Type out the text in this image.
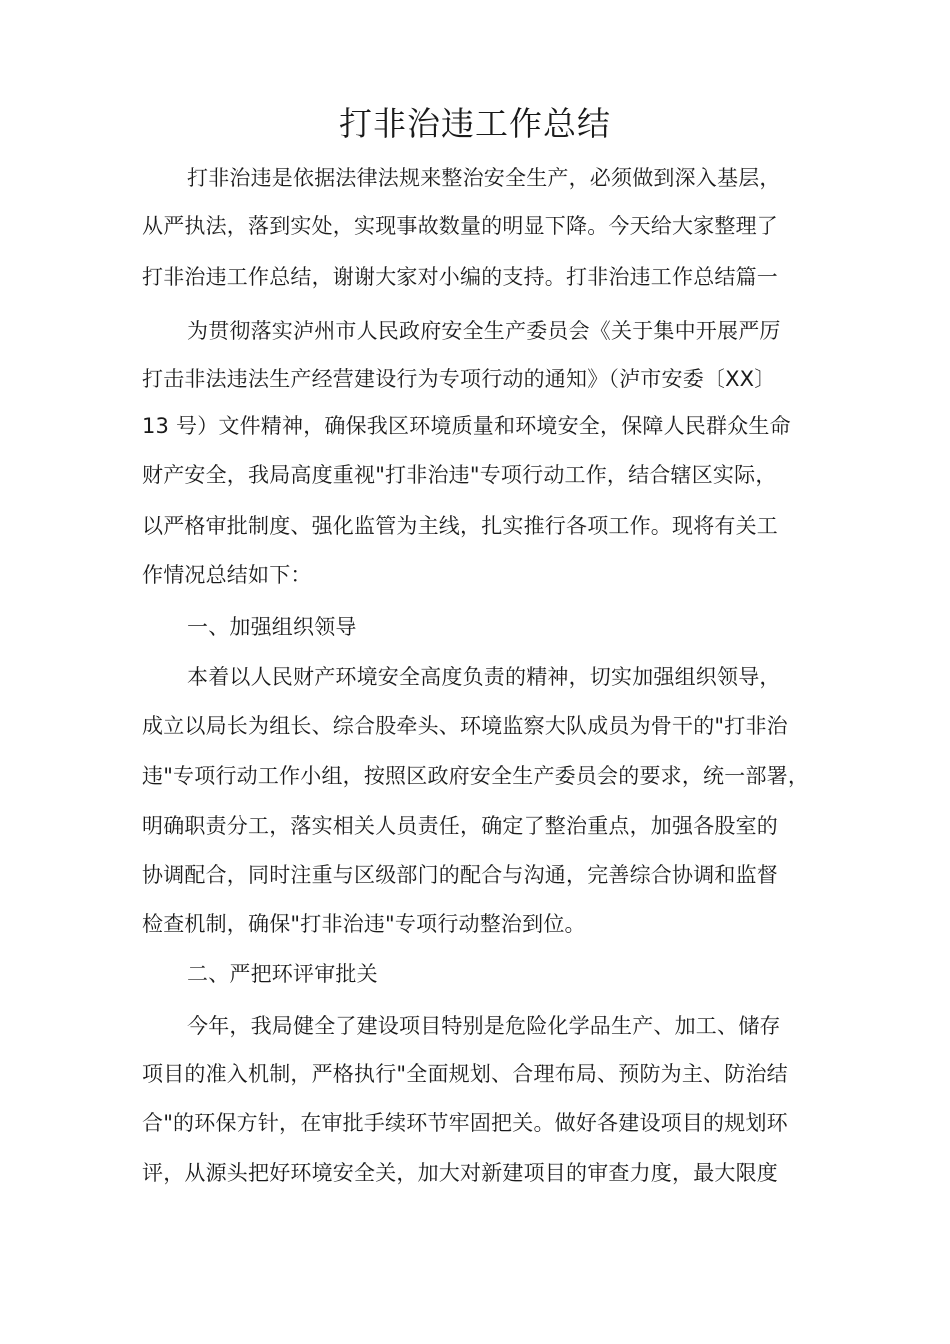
打非治违工作总结
打非治违是依据法律法规来整治安全生产，必须做到深入基层，
从严执法，落到实处，实现事故数量的明显下降。今天给大家整理了
打非治违工作总结，谢谢大家对小编的支持。打非治违工作总结篇一
为贯彻落实泸州市人民政府安全生产委员会《关于集中开展严厉
打击非法违法生产经营建设行为专项行动的通知》（泸市安委〔XX〕
13 号）文件精神，确保我区环境质量和环境安全，保障人民群众生命
财产安全，我局高度重视"打非治违"专项行动工作，结合辖区实际，
以严格审批制度、强化监管为主线，扎实推行各项工作。现将有关工
作情况总结如下：
一、加强组织领导
本着以人民财产环境安全高度负责的精神，切实加强组织领导，
成立以局长为组长、综合股牵头、环境监察大队成员为骨干的"打非治
违"专项行动工作小组，按照区政府安全生产委员会的要求，统一部署，
明确职责分工，落实相关人员责任，确定了整治重点，加强各股室的
协调配合，同时注重与区级部门的配合与沟通，完善综合协调和监督
检查机制，确保"打非治违"专项行动整治到位。
二、严把环评审批关
今年，我局健全了建设项目特别是危险化学品生产、加工、储存
项目的准入机制，严格执行"全面规划、合理布局、预防为主、防治结
合"的环保方针，在审批手续环节牢固把关。做好各建设项目的规划环
评，从源头把好环境安全关，加大对新建项目的审查力度，最大限度
